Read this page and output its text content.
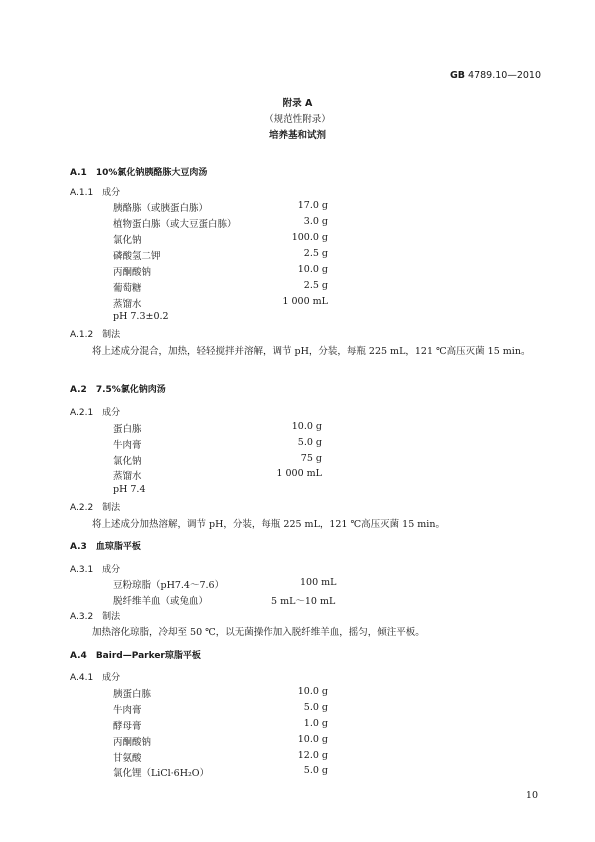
GB 4789.10—2010
附录 A
（规范性附录）
培养基和试剂
A.1　10%氯化钠胰酪胨大豆肉汤
A.1.1　成分
胰酪胨（或胰蛋白胨）	17.0 g
植物蛋白胨（或大豆蛋白胨）	3.0 g
氯化钠	100.0 g
磷酸氢二钾	2.5 g
丙酮酸钠	10.0 g
葡萄糖	2.5 g
蒸馏水	1 000 mL
pH 7.3±0.2
A.1.2　制法
将上述成分混合，加热，轻轻搅拌并溶解，调节 pH，分装，每瓶 225 mL，121 ℃高压灭菌 15 min。
A.2　7.5%氯化钠肉汤
A.2.1　成分
蛋白胨	10.0 g
牛肉膏	5.0 g
氯化钠	75 g
蒸馏水	1 000 mL
pH 7.4
A.2.2　制法
将上述成分加热溶解，调节 pH，分装，每瓶 225 mL，121 ℃高压灭菌 15 min。
A.3　血琼脂平板
A.3.1　成分
豆粉琼脂（pH7.4～7.6）	100 mL
脱纤维羊血（或兔血）	5 mL～10 mL
A.3.2　制法
加热溶化琼脂，冷却至 50 ℃，以无菌操作加入脱纤维羊血，摇匀，倾注平板。
A.4　Baird—Parker琼脂平板
A.4.1　成分
胰蛋白胨	10.0 g
牛肉膏	5.0 g
酵母膏	1.0 g
丙酮酸钠	10.0 g
甘氨酸	12.0 g
氯化锂（LiCl·6H₂O）	5.0 g
10
